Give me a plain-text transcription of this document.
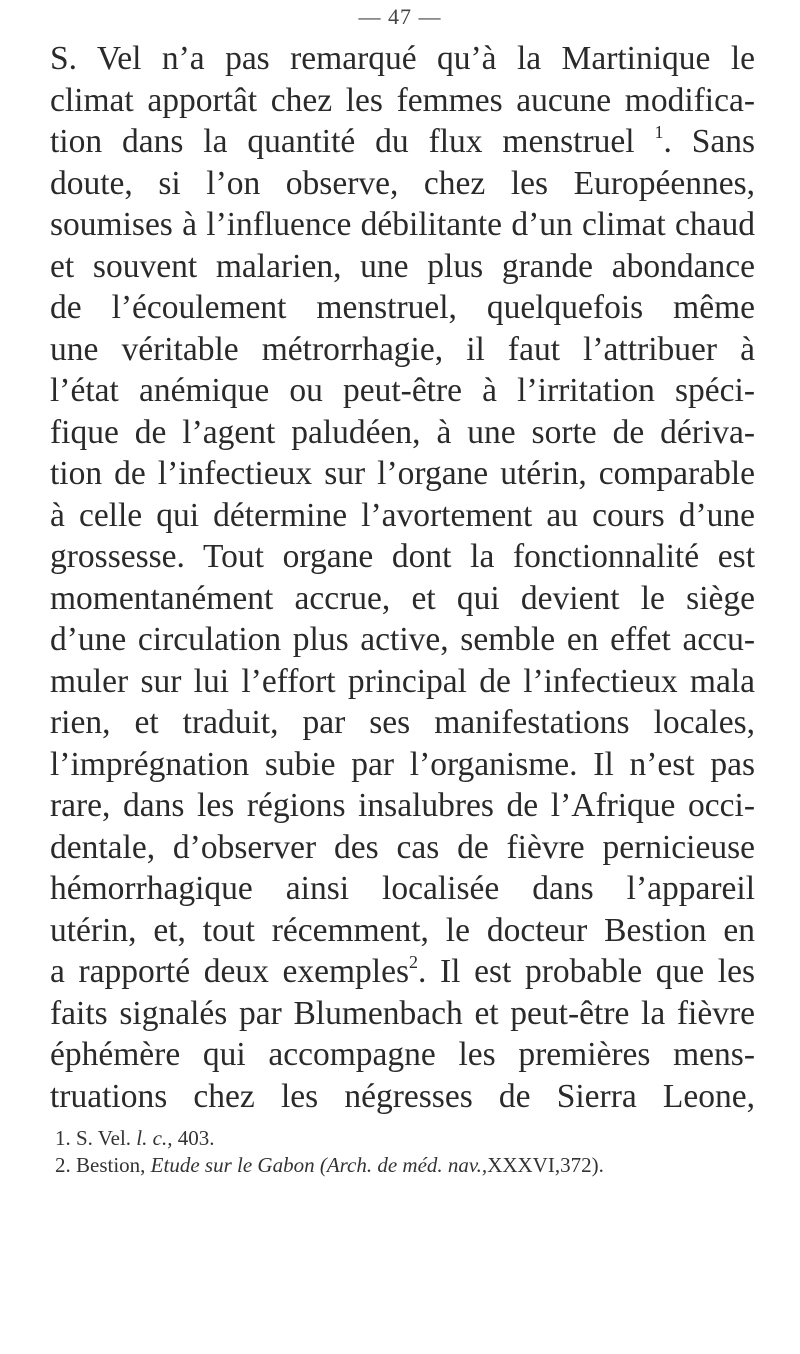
— 47 —
S. Vel n’a pas remarqué qu’à la Martinique le
climat apportât chez les femmes aucune modifica-
tion dans la quantité du flux menstruel $^1$. Sans
doute, si l’on observe, chez les Européennes,
soumises à l’influence débilitante d’un climat chaud
et souvent malarien, une plus grande abondance
de l’écoulement menstruel, quelquefois même
une véritable métrorrhagie, il faut l’attribuer à
l’état anémique ou peut-être à l’irritation spéci-
fique de l’agent paludéen, à une sorte de dériva-
tion de l’infectieux sur l’organe utérin, comparable
à celle qui détermine l’avortement au cours d’une
grossesse. Tout organe dont la fonctionnalité est
momentanément accrue, et qui devient le siège
d’une circulation plus active, semble en effet accu-
muler sur lui l’effort principal de l’infectieux mala
rien, et traduit, par ses manifestations locales,
l’imprégnation subie par l’organisme. Il n’est pas
rare, dans les régions insalubres de l’Afrique occi-
dentale, d’observer des cas de fièvre pernicieuse
hémorrhagique ainsi localisée dans l’appareil
utérin, et, tout récemment, le docteur Bestion en
a rapporté deux exemples$^2$. Il est probable que les
faits signalés par Blumenbach et peut-être la fièvre
éphémère qui accompagne les premières mens-
truations chez les négresses de Sierra Leone,
1. S. Vel. l. c., 403.
2. Bestion, Etude sur le Gabon (Arch. de méd. nav.,XXXVI,372).
